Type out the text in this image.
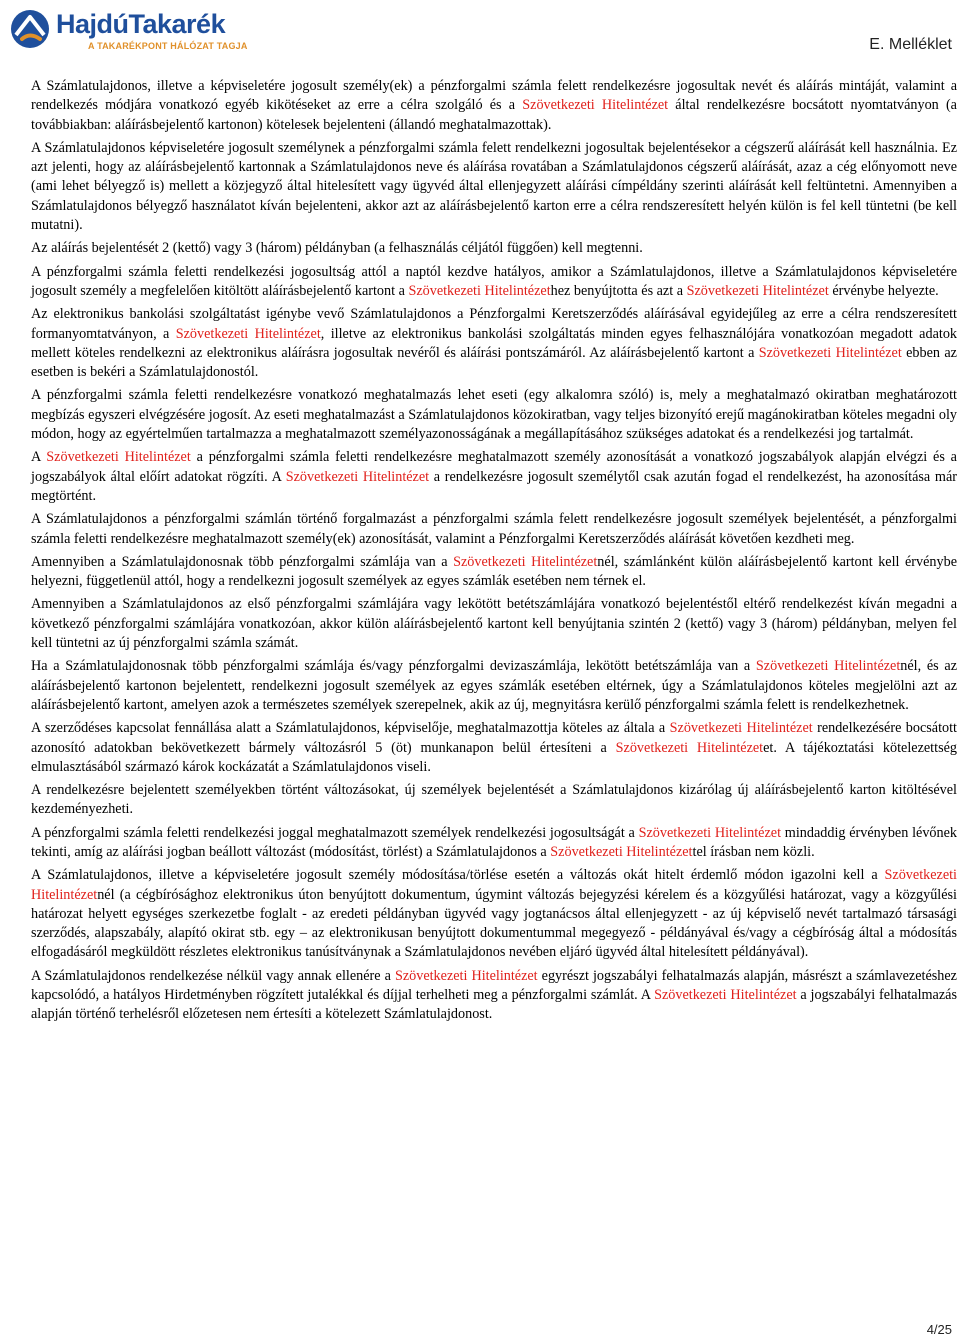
HajdúTakarék
A TAKARÉKPONT HÁLÓZAT TAGJA	E. Melléklet

A Számlatulajdonos, illetve a képviseletére jogosult személy(ek) a pénzforgalmi számla felett rendelkezésre jogosultak nevét és aláírás mintáját, valamint a rendelkezés módjára vonatkozó egyéb kikötéseket az erre a célra szolgáló és a Szövetkezeti Hitelintézet által rendelkezésre bocsátott nyomtatványon (a továbbiakban: aláírásbejelentő kartonon) kötelesek bejelenteni (állandó meghatalmazottak).

A Számlatulajdonos képviseletére jogosult személynek a pénzforgalmi számla felett rendelkezni jogosultak bejelentésekor a cégszerű aláírását kell használnia. Ez azt jelenti, hogy az aláírásbejelentő kartonnak a Számlatulajdonos neve és aláírása rovatában a Számlatulajdonos cégszerű aláírását, azaz a cég előnyomott neve (ami lehet bélyegző is) mellett a közjegyző által hitelesített vagy ügyvéd által ellenjegyzett aláírási címpéldány szerinti aláírását kell feltüntetni. Amennyiben a Számlatulajdonos bélyegző használatot kíván bejelenteni, akkor azt az aláírásbejelentő karton erre a célra rendszeresített helyén külön is fel kell tüntetni (be kell mutatni).

Az aláírás bejelentését 2 (kettő) vagy 3 (három) példányban (a felhasználás céljától függően) kell megtenni.

A pénzforgalmi számla feletti rendelkezési jogosultság attól a naptól kezdve hatályos, amikor a Számlatulajdonos, illetve a Számlatulajdonos képviseletére jogosult személy a megfelelően kitöltött aláírásbejelentő kartont a Szövetkezeti Hitelintézethez benyújtotta és azt a Szövetkezeti Hitelintézet érvénybe helyezte.

Az elektronikus bankolási szolgáltatást igénybe vevő Számlatulajdonos a Pénzforgalmi Keretszerződés aláírásával egyidejűleg az erre a célra rendszeresített formanyomtatványon, a Szövetkezeti Hitelintézet, illetve az elektronikus bankolási szolgáltatás minden egyes felhasználójára vonatkozóan megadott adatok mellett köteles rendelkezni az elektronikus aláírásra jogosultak nevéről és aláírási pontszámáról. Az aláírásbejelentő kartont a Szövetkezeti Hitelintézet ebben az esetben is bekéri a Számlatulajdonostól.

A pénzforgalmi számla feletti rendelkezésre vonatkozó meghatalmazás lehet eseti (egy alkalomra szóló) is, mely a meghatalmazó okiratban meghatározott megbízás egyszeri elvégzésére jogosít. Az eseti meghatalmazást a Számlatulajdonos közokiratban, vagy teljes bizonyító erejű magánokiratban köteles megadni oly módon, hogy az egyértelműen tartalmazza a meghatalmazott személyazonosságának a megállapításához szükséges adatokat és a rendelkezési jog tartalmát.

A Szövetkezeti Hitelintézet a pénzforgalmi számla feletti rendelkezésre meghatalmazott személy azonosítását a vonatkozó jogszabályok alapján elvégzi és a jogszabályok által előírt adatokat rögzíti. A Szövetkezeti Hitelintézet a rendelkezésre jogosult személytől csak azután fogad el rendelkezést, ha azonosítása már megtörtént.

A Számlatulajdonos a pénzforgalmi számlán történő forgalmazást a pénzforgalmi számla felett rendelkezésre jogosult személyek bejelentését, a pénzforgalmi számla feletti rendelkezésre meghatalmazott személy(ek) azonosítását, valamint a Pénzforgalmi Keretszerződés aláírását követően kezdheti meg.

Amennyiben a Számlatulajdonosnak több pénzforgalmi számlája van a Szövetkezeti Hitelintézetnél, számlánként külön aláírásbejelentő kartont kell érvénybe helyezni, függetlenül attól, hogy a rendelkezni jogosult személyek az egyes számlák esetében nem térnek el.

Amennyiben a Számlatulajdonos az első pénzforgalmi számlájára vagy lekötött betétszámlájára vonatkozó bejelentéstől eltérő rendelkezést kíván megadni a következő pénzforgalmi számlájára vonatkozóan, akkor külön aláírásbejelentő kartont kell benyújtania szintén 2 (kettő) vagy 3 (három) példányban, melyen fel kell tüntetni az új pénzforgalmi számla számát.

Ha a Számlatulajdonosnak több pénzforgalmi számlája és/vagy pénzforgalmi devizaszámlája, lekötött betétszámlája van a Szövetkezeti Hitelintézetnél, és az aláírásbejelentő kartonon bejelentett, rendelkezni jogosult személyek az egyes számlák esetében eltérnek, úgy a Számlatulajdonos köteles megjelölni azt az aláírásbejelentő kartont, amelyen azok a természetes személyek szerepelnek, akik az új, megnyitásra kerülő pénzforgalmi számla felett is rendelkezhetnek.

A szerződéses kapcsolat fennállása alatt a Számlatulajdonos, képviselője, meghatalmazottja köteles az általa a Szövetkezeti Hitelintézet rendelkezésére bocsátott azonosító adatokban bekövetkezett bármely változásról 5 (öt) munkanapon belül értesíteni a Szövetkezeti Hitelintézetet. A tájékoztatási kötelezettség elmulasztásából származó károk kockázatát a Számlatulajdonos viseli.

A rendelkezésre bejelentett személyekben történt változásokat, új személyek bejelentését a Számlatulajdonos kizárólag új aláírásbejelentő karton kitöltésével kezdeményezheti.

A pénzforgalmi számla feletti rendelkezési joggal meghatalmazott személyek rendelkezési jogosultságát a Szövetkezeti Hitelintézet mindaddig érvényben lévőnek tekinti, amíg az aláírási jogban beállott változást (módosítást, törlést) a Számlatulajdonos a Szövetkezeti Hitelintézettel írásban nem közli.

A Számlatulajdonos, illetve a képviseletére jogosult személy módosítása/törlése esetén a változás okát hitelt érdemlő módon igazolni kell a Szövetkezeti Hitelintézetnél (a cégbírósághoz elektronikus úton benyújtott dokumentum, úgymint változás bejegyzési kérelem és a közgyűlési határozat, vagy a közgyűlési határozat helyett egységes szerkezetbe foglalt - az eredeti példányban ügyvéd vagy jogtanácsos által ellenjegyzett - az új képviselő nevét tartalmazó társasági szerződés, alapszabály, alapító okirat stb. egy – az elektronikusan benyújtott dokumentummal megegyező - példányával és/vagy a cégbíróság által a módosítás elfogadásáról megküldött részletes elektronikus tanúsítványnak a Számlatulajdonos nevében eljáró ügyvéd által hitelesített példányával).

A Számlatulajdonos rendelkezése nélkül vagy annak ellenére a Szövetkezeti Hitelintézet egyrészt jogszabályi felhatalmazás alapján, másrészt a számlavezetéshez kapcsolódó, a hatályos Hirdetményben rögzített jutalékkal és díjjal terhelheti meg a pénzforgalmi számlát. A Szövetkezeti Hitelintézet a jogszabályi felhatalmazás alapján történő terhelésről előzetesen nem értesíti a kötelezett Számlatulajdonost.

4/25
